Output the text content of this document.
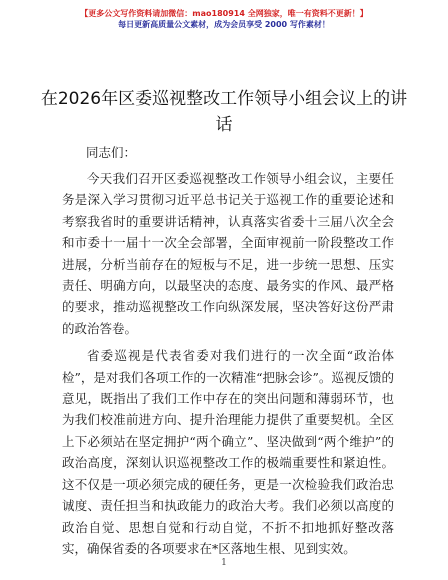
【更多公文写作资料请加微信：mao180914 全网独家，唯一有资料不更新！】
每日更新高质量公文素材，成为会员享受 2000 写作素材！
在2026年区委巡视整改工作领导小组会议上的讲话
同志们：

今天我们召开区委巡视整改工作领导小组会议，主要任务是深入学习贯彻习近平总书记关于巡视工作的重要论述和考察我省时的重要讲话精神，认真落实省委十三届八次全会和市委十一届十一次全会部署，全面审视前一阶段整改工作进展，分析当前存在的短板与不足，进一步统一思想、压实责任、明确方向，以最坚决的态度、最务实的作风、最严格的要求，推动巡视整改工作向纵深发展，坚决答好这份严肃的政治答卷。

省委巡视是代表省委对我们进行的一次全面“政治体检”，是对我们各项工作的一次精准“把脉会诊”。巡视反馈的意见，既指出了我们工作中存在的突出问题和薄弱环节，也为我们校准前进方向、提升治理能力提供了重要契机。全区上下必须站在坚定拥护“两个确立”、坚决做到“两个维护”的政治高度，深刻认识巡视整改工作的极端重要性和紧迫性。这不仅是一项必须完成的硬任务，更是一次检验我们政治忠诚度、责任担当和执政能力的政治大考。我们必须以高度的政治自觉、思想自觉和行动自觉，不折不扣地抓好整改落实，确保省委的各项要求在*区落地生根、见到实效。

1
